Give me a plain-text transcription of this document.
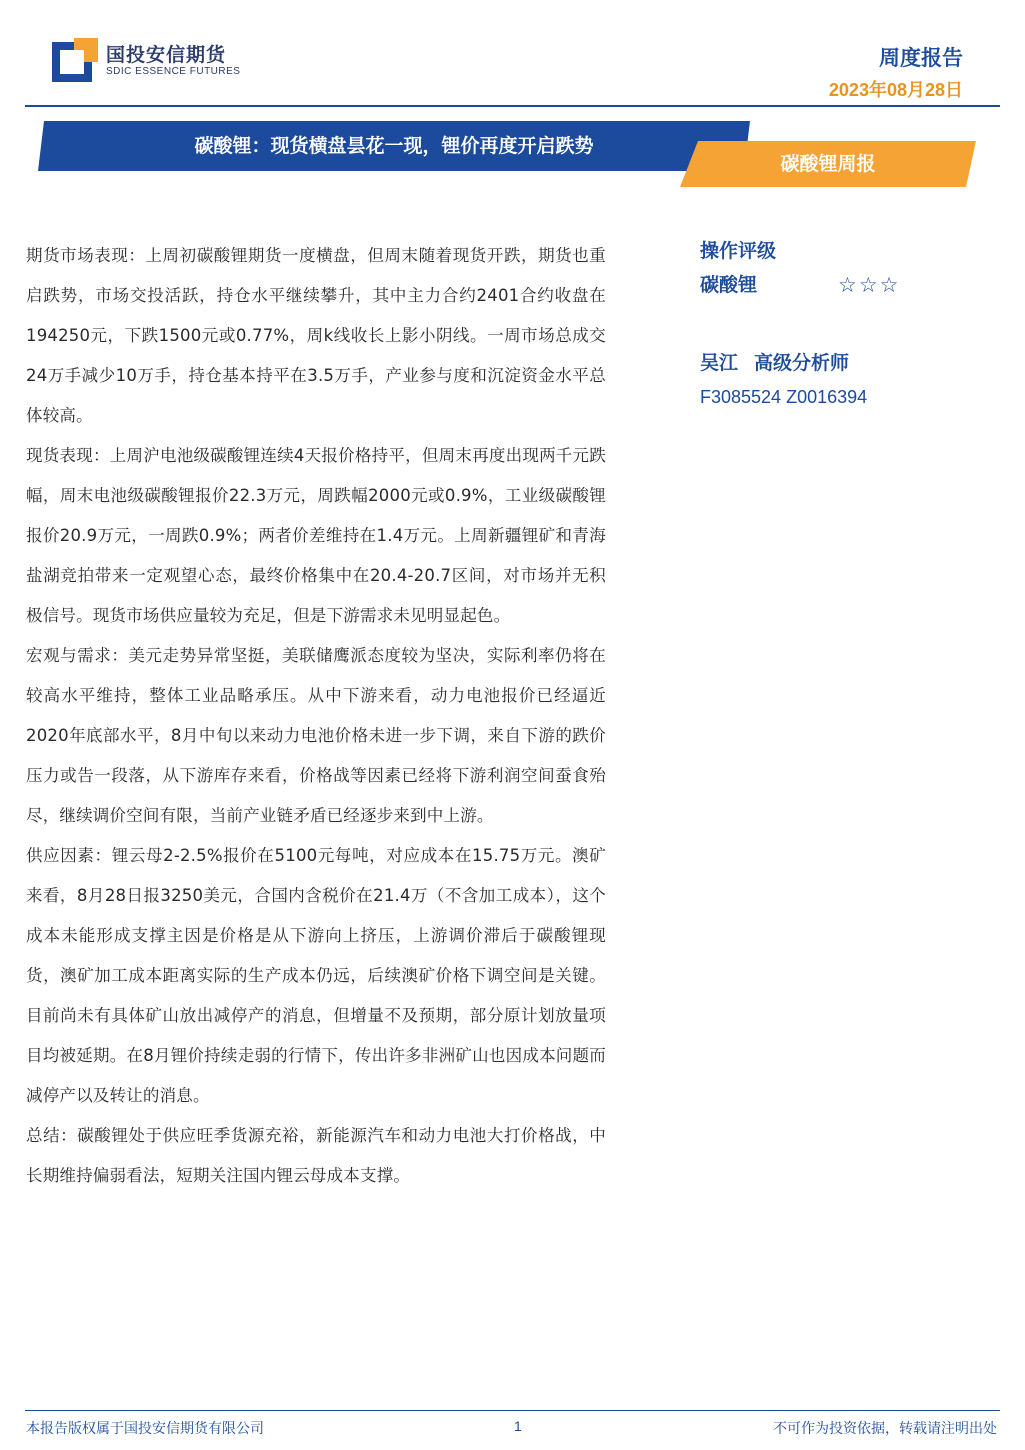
国投安信期货
SDIC ESSENCE FUTURES
周度报告
2023年08月28日
碳酸锂：现货横盘昙花一现，锂价再度开启跌势
碳酸锂周报

期货市场表现：上周初碳酸锂期货一度横盘，但周末随着现货开跌，期货也重启跌势，市场交投活跃，持仓水平继续攀升，其中主力合约2401合约收盘在194250元，下跌1500元或0.77%，周k线收长上影小阴线。一周市场总成交24万手减少10万手，持仓基本持平在3.5万手，产业参与度和沉淀资金水平总体较高。

现货表现：上周沪电池级碳酸锂连续4天报价格持平，但周末再度出现两千元跌幅，周末电池级碳酸锂报价22.3万元，周跌幅2000元或0.9%，工业级碳酸锂报价20.9万元，一周跌0.9%；两者价差维持在1.4万元。上周新疆锂矿和青海盐湖竞拍带来一定观望心态，最终价格集中在20.4-20.7区间，对市场并无积极信号。现货市场供应量较为充足，但是下游需求未见明显起色。

宏观与需求：美元走势异常坚挺，美联储鹰派态度较为坚决，实际利率仍将在较高水平维持，整体工业品略承压。从中下游来看，动力电池报价已经逼近2020年底部水平，8月中旬以来动力电池价格未进一步下调，来自下游的跌价压力或告一段落，从下游库存来看，价格战等因素已经将下游利润空间蚕食殆尽，继续调价空间有限，当前产业链矛盾已经逐步来到中上游。

供应因素：锂云母2-2.5%报价在5100元每吨，对应成本在15.75万元。澳矿来看，8月28日报3250美元，合国内含税价在21.4万（不含加工成本），这个成本未能形成支撑主因是价格是从下游向上挤压，上游调价滞后于碳酸锂现货，澳矿加工成本距离实际的生产成本仍远，后续澳矿价格下调空间是关键。目前尚未有具体矿山放出减停产的消息，但增量不及预期，部分原计划放量项目均被延期。在8月锂价持续走弱的行情下，传出许多非洲矿山也因成本问题而减停产以及转让的消息。

总结：碳酸锂处于供应旺季货源充裕，新能源汽车和动力电池大打价格战，中长期维持偏弱看法，短期关注国内锂云母成本支撑。

操作评级
碳酸锂	☆ ☆ ☆
吴江 高级分析师
F3085524 Z0016394
本报告版权属于国投安信期货有限公司	1	不可作为投资依据，转载请注明出处
